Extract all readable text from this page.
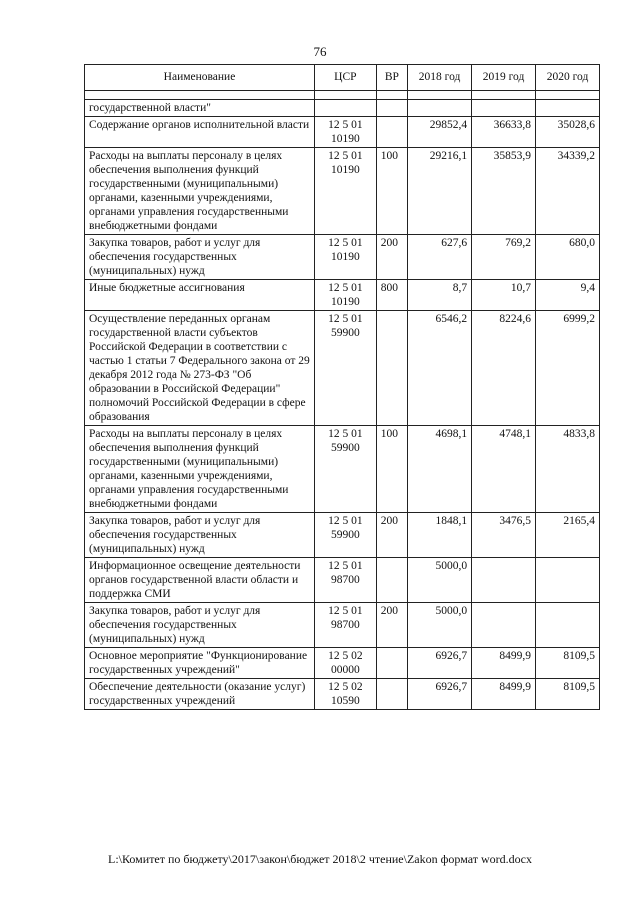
76
Наименование	ЦСР	ВР	2018 год	2019 год	2020 год

государственной власти"					
Содержание органов исполнительной власти	12 5 01 10190		29852,4	36633,8	35028,6
Расходы на выплаты персоналу в целях обеспечения выполнения функций государственными (муниципальными) органами, казенными учреждениями, органами управления государственными внебюджетными фондами	12 5 01 10190	100	29216,1	35853,9	34339,2
Закупка товаров, работ и услуг для обеспечения государственных (муниципальных) нужд	12 5 01 10190	200	627,6	769,2	680,0
Иные бюджетные ассигнования	12 5 01 10190	800	8,7	10,7	9,4
Осуществление переданных органам государственной власти субъектов Российской Федерации в соответствии с частью 1 статьи 7 Федерального закона от 29 декабря 2012 года № 273-ФЗ "Об образовании в Российской Федерации" полномочий Российской Федерации в сфере образования	12 5 01 59900		6546,2	8224,6	6999,2
Расходы на выплаты персоналу в целях обеспечения выполнения функций государственными (муниципальными) органами, казенными учреждениями, органами управления государственными внебюджетными фондами	12 5 01 59900	100	4698,1	4748,1	4833,8
Закупка товаров, работ и услуг для обеспечения государственных (муниципальных) нужд	12 5 01 59900	200	1848,1	3476,5	2165,4
Информационное освещение деятельности органов государственной власти области и поддержка СМИ	12 5 01 98700		5000,0		
Закупка товаров, работ и услуг для обеспечения государственных (муниципальных) нужд	12 5 01 98700	200	5000,0		
Основное мероприятие "Функционирование государственных учреждений"	12 5 02 00000		6926,7	8499,9	8109,5
Обеспечение деятельности (оказание услуг) государственных учреждений	12 5 02 10590		6926,7	8499,9	8109,5
L:\Комитет по бюджету\2017\закон\бюджет 2018\2 чтение\Zakon формат word.docx
